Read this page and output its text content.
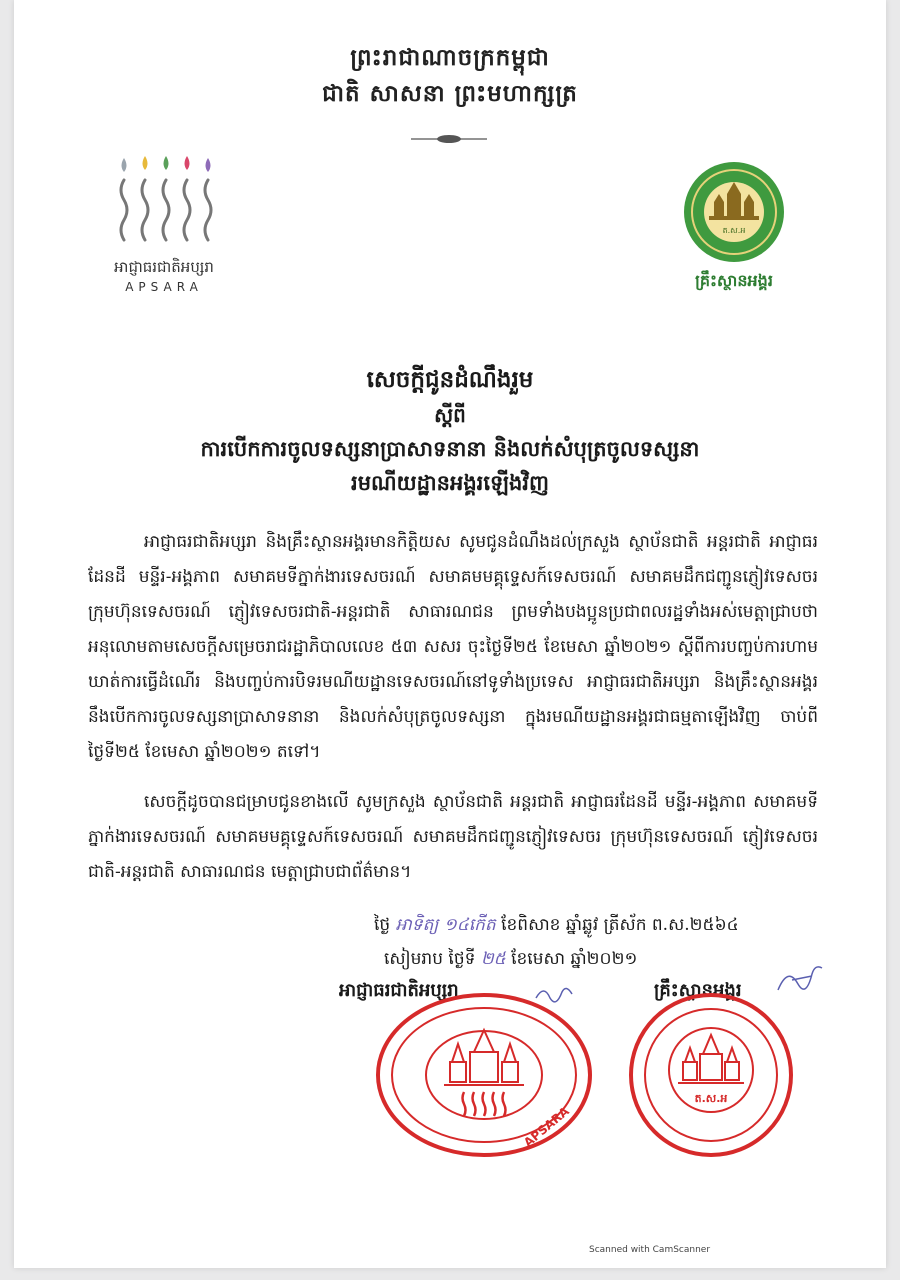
ព្រះរាជាណាចក្រកម្ពុជា
ជាតិ សាសនា ព្រះមហាក្សត្រ
អាជ្ញាធរជាតិអប្សរា
APSARA
ត.ស.អ
គ្រឹះស្ថានអង្គរ
សេចក្តីជូនដំណឹងរួម
ស្តីពី
ការបើកការចូលទស្សនាប្រាសាទនានា និងលក់សំបុត្រចូលទស្សនា
រមណីយដ្ឋានអង្គរឡើងវិញ
អាជ្ញាធរជាតិអប្សរា និងគ្រឹះស្ថានអង្គរមានកិត្តិយស សូមជូនដំណឹងដល់ក្រសួង ស្ថាប័នជាតិ អន្តរជាតិ អាជ្ញាធរដែនដី មន្ទីរ-អង្គភាព សមាគមទីភ្នាក់ងារទេសចរណ៍ សមាគមមគ្គុទ្ទេសក៍ទេសចរណ៍ សមាគមដឹកជញ្ជូនភ្ញៀវទេសចរ ក្រុមហ៊ុនទេសចរណ៍ ភ្ញៀវទេសចរជាតិ-អន្តរជាតិ សាធារណជន ព្រមទាំងបងប្អូនប្រជាពលរដ្ឋទាំងអស់មេត្តាជ្រាបថា អនុលោមតាមសេចក្តីសម្រេចរាជរដ្ឋាភិបាលលេខ ៥៣ សសរ ចុះថ្ងៃទី២៥ ខែមេសា ឆ្នាំ២០២១ ស្តីពីការបញ្ចប់ការហាមឃាត់ការធ្វើដំណើរ និងបញ្ចប់ការបិទរមណីយដ្ឋានទេសចរណ៍នៅទូទាំងប្រទេស អាជ្ញាធរជាតិអប្សរា និងគ្រឹះស្ថានអង្គរ នឹងបើកការចូលទស្សនាប្រាសាទនានា និងលក់សំបុត្រចូលទស្សនា ក្នុងរមណីយដ្ឋានអង្គរជាធម្មតាឡើងវិញ ចាប់ពីថ្ងៃទី២៥ ខែមេសា ឆ្នាំ២០២១ តទៅ។
សេចក្តីដូចបានជម្រាបជូនខាងលើ សូមក្រសួង ស្ថាប័នជាតិ អន្តរជាតិ អាជ្ញាធរដែនដី មន្ទីរ-អង្គភាព សមាគមទីភ្នាក់ងារទេសចរណ៍ សមាគមមគ្គុទ្ទេសក៍ទេសចរណ៍ សមាគមដឹកជញ្ជូនភ្ញៀវទេសចរ ក្រុមហ៊ុនទេសចរណ៍ ភ្ញៀវទេសចរជាតិ-អន្តរជាតិ សាធារណជន មេត្តាជ្រាបជាព័ត៌មាន។
ថ្ងៃ អាទិត្យ ១៤កើត ខែពិសាខ ឆ្នាំឆ្លូវ ត្រីស័ក ព.ស.២៥៦៤
សៀមរាប ថ្ងៃទី ២៥ ខែមេសា ឆ្នាំ២០២១
អាជ្ញាធរជាតិអប្សរា	គ្រឹះស្ថានអង្គរ
APSARA
ត.ស.អ
Scanned with CamScanner
